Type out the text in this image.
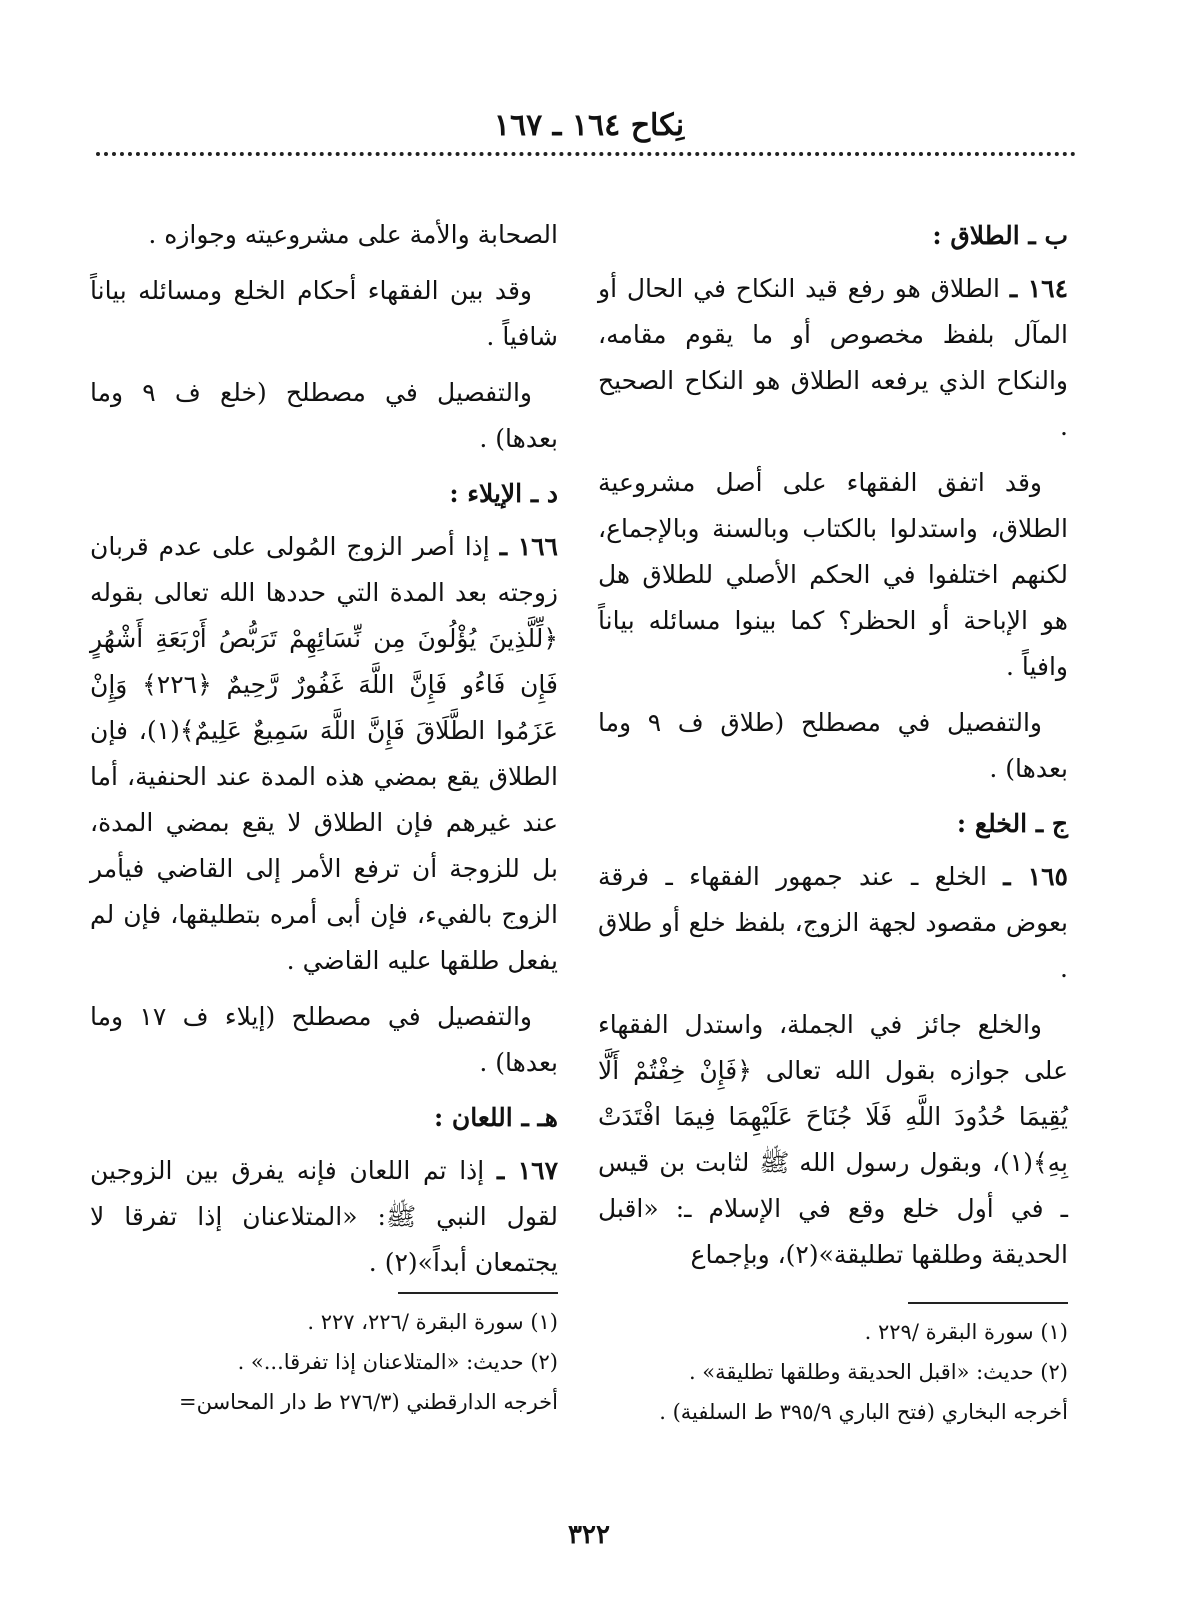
نِكاح ١٦٤ ـ ١٦٧
ب ـ الطلاق :

١٦٤ ـ الطلاق هو رفع قيد النكاح في الحال أو المآل بلفظ مخصوص أو ما يقوم مقامه، والنكاح الذي يرفعه الطلاق هو النكاح الصحيح .

وقد اتفق الفقهاء على أصل مشروعية الطلاق، واستدلوا بالكتاب وبالسنة وبالإجماع، لكنهم اختلفوا في الحكم الأصلي للطلاق هل هو الإباحة أو الحظر؟ كما بينوا مسائله بياناً وافياً .

والتفصيل في مصطلح (طلاق ف ٩ وما بعدها) .

ج ـ الخلع :

١٦٥ ـ الخلع ـ عند جمهور الفقهاء ـ فرقة بعوض مقصود لجهة الزوج، بلفظ خلع أو طلاق .

والخلع جائز في الجملة، واستدل الفقهاء على جوازه بقول الله تعالى ﴿فَإِنْ خِفْتُمْ أَلَّا يُقِيمَا حُدُودَ اللَّهِ فَلَا جُنَاحَ عَلَيْهِمَا فِيمَا افْتَدَتْ بِهِ﴾(١)، وبقول رسول الله ﷺ لثابت بن قيس ـ في أول خلع وقع في الإسلام ـ: «اقبل الحديقة وطلقها تطليقة»(٢)، وبإجماع

الصحابة والأمة على مشروعيته وجوازه .

وقد بين الفقهاء أحكام الخلع ومسائله بياناً شافياً .

والتفصيل في مصطلح (خلع ف ٩ وما بعدها) .

د ـ الإيلاء :

١٦٦ ـ إذا أصر الزوج المُولى على عدم قربان زوجته بعد المدة التي حددها الله تعالى بقوله ﴿لِّلَّذِينَ يُؤْلُونَ مِن نِّسَائِهِمْ تَرَبُّصُ أَرْبَعَةِ أَشْهُرٍ فَإِن فَاءُو فَإِنَّ اللَّهَ غَفُورٌ رَّحِيمٌ ﴿٢٢٦﴾ وَإِنْ عَزَمُوا الطَّلَاقَ فَإِنَّ اللَّهَ سَمِيعٌ عَلِيمٌ﴾(١)، فإن الطلاق يقع بمضي هذه المدة عند الحنفية، أما عند غيرهم فإن الطلاق لا يقع بمضي المدة، بل للزوجة أن ترفع الأمر إلى القاضي فيأمر الزوج بالفيء، فإن أبى أمره بتطليقها، فإن لم يفعل طلقها عليه القاضي .

والتفصيل في مصطلح (إيلاء ف ١٧ وما بعدها) .

هـ ـ اللعان :

١٦٧ ـ إذا تم اللعان فإنه يفرق بين الزوجين لقول النبي ﷺ: «المتلاعنان إذا تفرقا لا يجتمعان أبداً»(٢) .

(١) سورة البقرة /٢٢٩ .

(٢) حديث: «اقبل الحديقة وطلقها تطليقة» .

أخرجه البخاري (فتح الباري ٣٩٥/٩ ط السلفية) .

(١) سورة البقرة /٢٢٦، ٢٢٧ .

(٢) حديث: «المتلاعنان إذا تفرقا...» .

أخرجه الدارقطني (٢٧٦/٣ ط دار المحاسن=

٣٢٢
